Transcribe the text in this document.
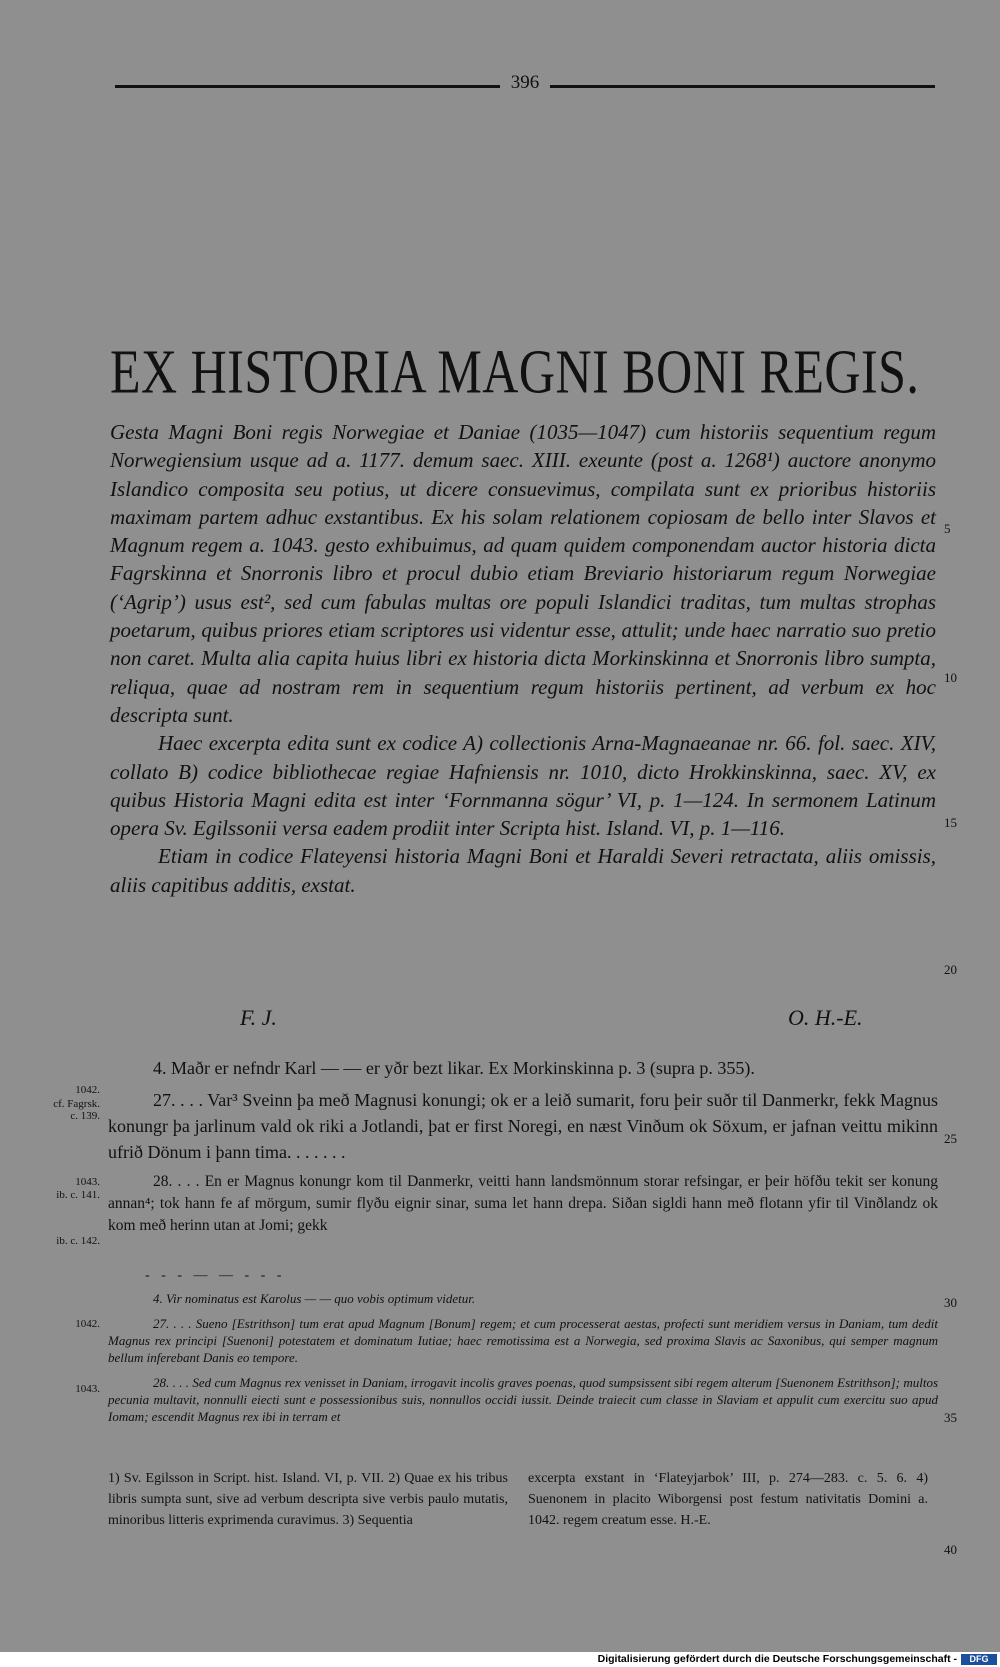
396
EX HISTORIA MAGNI BONI REGIS.

Gesta Magni Boni regis Norwegiae et Daniae (1035—1047) cum historiis sequentium regum Norwegiensium usque ad a. 1177. demum saec. XIII. exeunte (post a. 1268¹) auctore anonymo Islandico composita seu potius, ut dicere consuevimus, compilata sunt ex prioribus historiis maximam partem adhuc exstantibus. Ex his solam relationem copiosam de bello inter Slavos et Magnum regem a. 1043. gesto exhibuimus, ad quam quidem componendam auctor historia dicta Fagrskinna et Snorronis libro et procul dubio etiam Breviario historiarum regum Norwegiae (‘Agrip’) usus est², sed cum fabulas multas ore populi Islandici traditas, tum multas strophas poetarum, quibus priores etiam scriptores usi videntur esse, attulit; unde haec narratio suo pretio non caret. Multa alia capita huius libri ex historia dicta Morkinskinna et Snorronis libro sumpta, reliqua, quae ad nostram rem in sequentium regum historiis pertinent, ad verbum ex hoc descripta sunt.

Haec excerpta edita sunt ex codice A) collectionis Arna-Magnaeanae nr. 66. fol. saec. XIV, collato B) codice bibliothecae regiae Hafniensis nr. 1010, dicto Hrokkinskinna, saec. XV, ex quibus Historia Magni edita est inter ‘Fornmanna sögur’ VI, p. 1—124. In sermonem Latinum opera Sv. Egilssonii versa eadem prodiit inter Scripta hist. Island. VI, p. 1—116.

Etiam in codice Flateyensi historia Magni Boni et Haraldi Severi retractata, aliis omissis, aliis capitibus additis, exstat.

5
10
15
20
25
30
35
40
F. J.	O. H.-E.
1042.
cf. Fagrsk. c. 139.
1043.
ib. c. 141.
ib. c. 142.
1042.
1043.

4. Maðr er nefndr Karl — — er yðr bezt likar. Ex Morkinskinna p. 3 (supra p. 355).

27. . . . Var³ Sveinn þa með Magnusi konungi; ok er a leið sumarit, foru þeir suðr til Danmerkr, fekk Magnus konungr þa jarlinum vald ok riki a Jotlandi, þat er first Noregi, en næst Vinðum ok Söxum, er jafnan veittu mikinn ufrið Dönum i þann tima. . . . . . .

28. . . . En er Magnus konungr kom til Danmerkr, veitti hann landsmönnum storar refsingar, er þeir höfðu tekit ser konung annan⁴; tok hann fe af mörgum, sumir flyðu eignir sinar, suma let hann drepa. Siðan sigldi hann með flotann yfir til Vinðlandz ok kom með herinn utan at Jomi; gekk

- - - — — - - -

4. Vir nominatus est Karolus — — quo vobis optimum videtur.

27. . . . Sueno [Estrithson] tum erat apud Magnum [Bonum] regem; et cum processerat aestas, profecti sunt meridiem versus in Daniam, tum dedit Magnus rex principi [Suenoni] potestatem et dominatum Iutiae; haec remotissima est a Norwegia, sed proxima Slavis ac Saxonibus, qui semper magnum bellum inferebant Danis eo tempore.

28. . . . Sed cum Magnus rex venisset in Daniam, irrogavit incolis graves poenas, quod sumpsissent sibi regem alterum [Suenonem Estrithson]; multos pecunia multavit, nonnulli eiecti sunt e possessionibus suis, nonnullos occidi iussit. Deinde traiecit cum classe in Slaviam et appulit cum exercitu suo apud Iomam; escendit Magnus rex ibi in terram et

1) Sv. Egilsson in Script. hist. Island. VI, p. VII. 2) Quae ex his tribus libris sumpta sunt, sive ad verbum descripta sive verbis paulo mutatis, minoribus litteris exprimenda curavimus. 3) Sequentia
excerpta exstant in ‘Flateyjarbok’ III, p. 274—283. c. 5. 6. 4) Suenonem in placito Wiborgensi post festum nativitatis Domini a. 1042. regem creatum esse. H.-E.
Digitalisierung gefördert durch die Deutsche Forschungsgemeinschaft -	DFG
